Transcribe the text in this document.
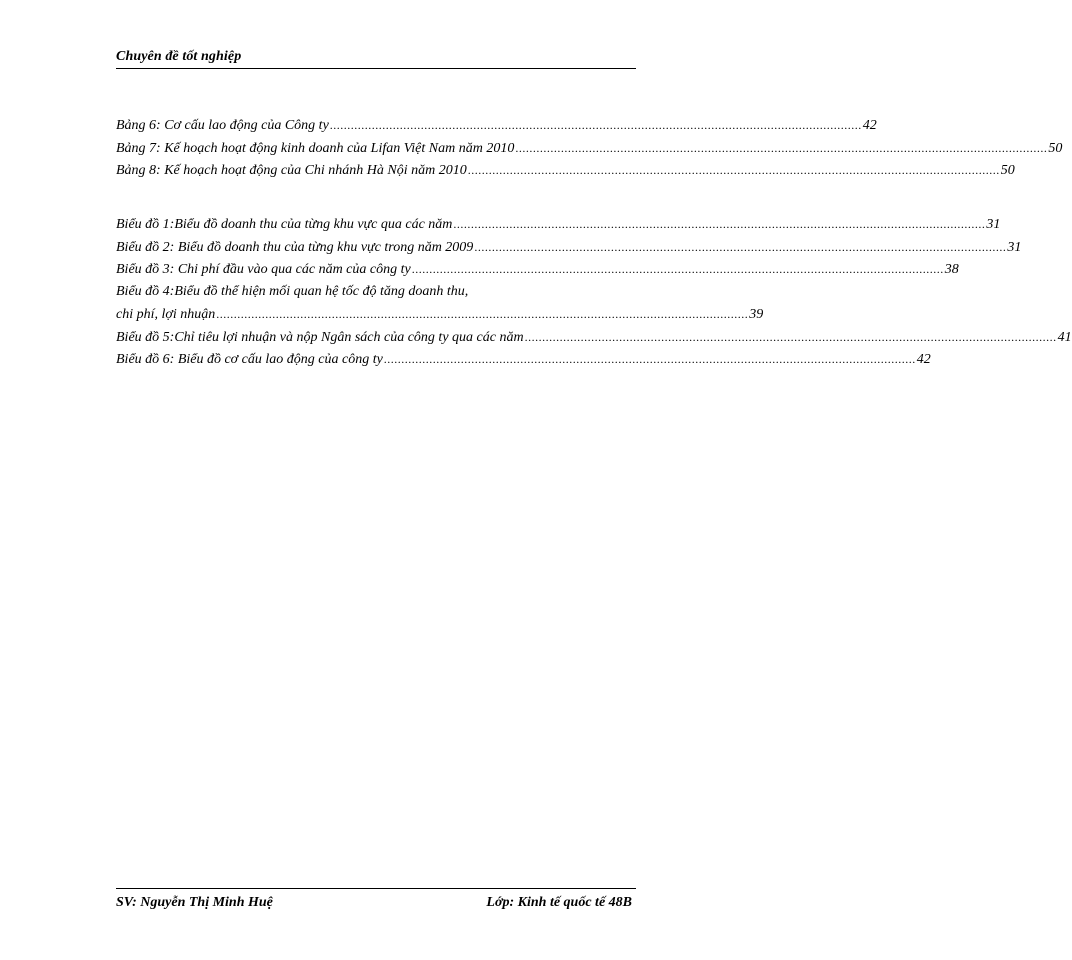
Chuyên đề tốt nghiệp
Bảng 6: Cơ cấu lao động của Công ty ........................................................................................................................................................ 42
Bảng 7: Kế hoạch hoạt động kinh doanh của Lifan Việt Nam năm 2010 ........................................................................................................................................................ 50
Bảng 8: Kế hoạch hoạt động của Chi nhánh Hà Nội năm 2010 ........................................................................................................................................................ 50
Biểu đồ 1:Biểu đồ doanh thu của từng khu vực qua các năm ........................................................................................................................................................ 31
Biểu đồ 2: Biểu đồ doanh thu của từng khu vực trong năm 2009 ........................................................................................................................................................ 31
Biểu đồ 3: Chi phí đầu vào qua các năm của công ty ........................................................................................................................................................ 38
Biểu đồ 4:Biểu đồ thể hiện mối quan hệ tốc độ tăng doanh thu,
chi phí, lợi nhuận ........................................................................................................................................................ 39
Biểu đồ 5:Chỉ tiêu lợi nhuận và nộp Ngân sách của công ty qua các năm ........................................................................................................................................................ 41
Biểu đồ 6: Biểu đồ cơ cấu lao động của công ty ........................................................................................................................................................ 42
SV: Nguyễn Thị Minh Huệ	Lớp: Kinh tế quốc tế 48B
